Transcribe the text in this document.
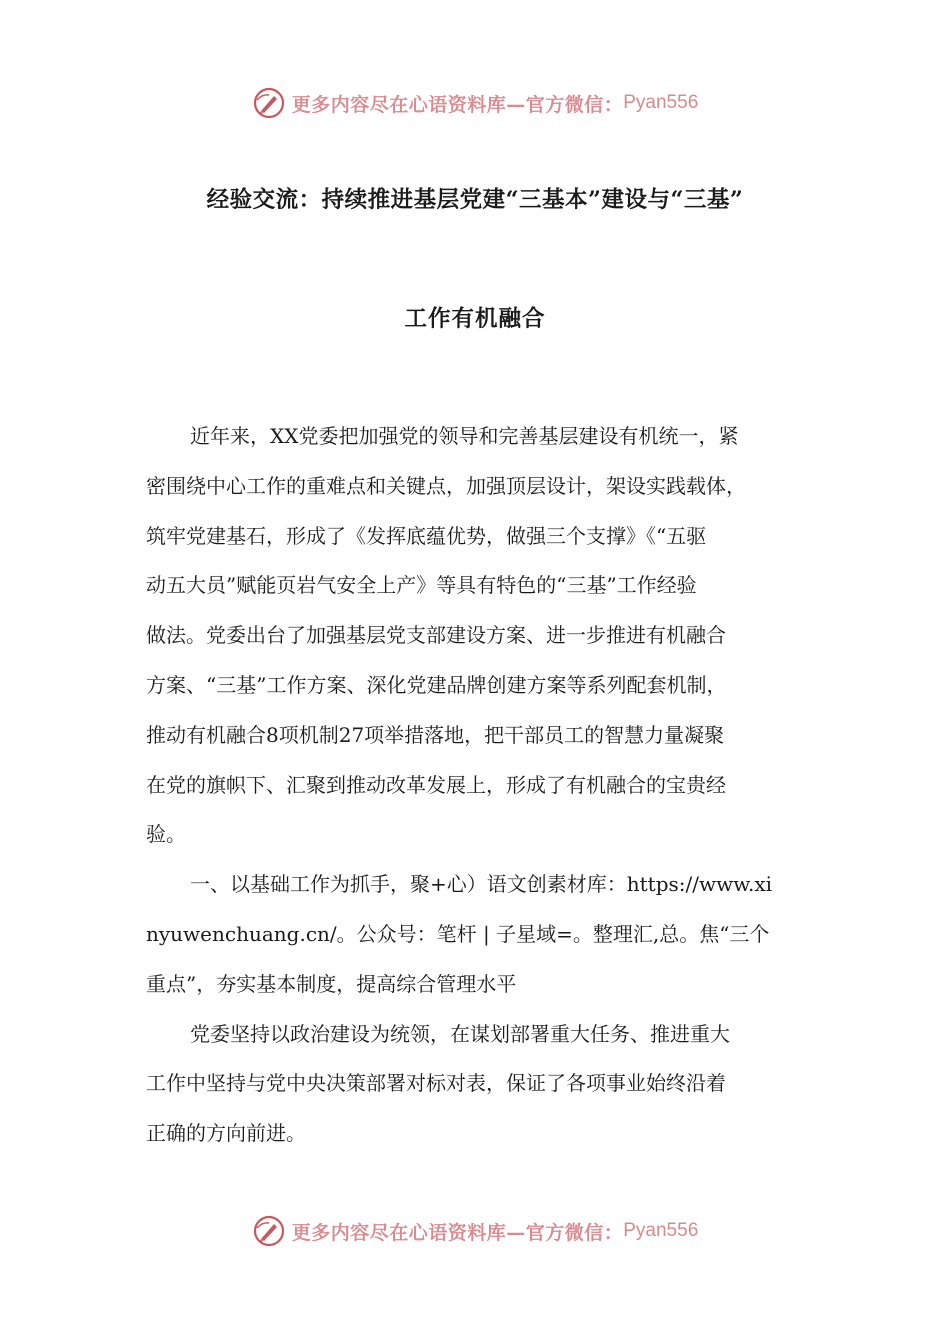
更多内容尽在心语资料库—官方微信： Pyan556
经验交流：持续推进基层党建“三基本”建设与“三基”
工作有机融合

近年来，XX党委把加强党的领导和完善基层建设有机统一，紧
密围绕中心工作的重难点和关键点，加强顶层设计，架设实践载体，
筑牢党建基石，形成了《发挥底蕴优势，做强三个支撑》《“五驱
动五大员”赋能页岩气安全上产》等具有特色的“三基”工作经验
做法。党委出台了加强基层党支部建设方案、进一步推进有机融合
方案、“三基”工作方案、深化党建品牌创建方案等系列配套机制，
推动有机融合8项机制27项举措落地，把干部员工的智慧力量凝聚
在党的旗帜下、汇聚到推动改革发展上，形成了有机融合的宝贵经
验。

一、以基础工作为抓手，聚+心）语文创素材库：https://www.xi
nyuwenchuang.cn/。公众号：笔杆 | 子星域=。整理汇,总。焦“三个
重点”，夯实基本制度，提高综合管理水平

党委坚持以政治建设为统领，在谋划部署重大任务、推进重大
工作中坚持与党中央决策部署对标对表，保证了各项事业始终沿着
正确的方向前进。

更多内容尽在心语资料库—官方微信： Pyan556
